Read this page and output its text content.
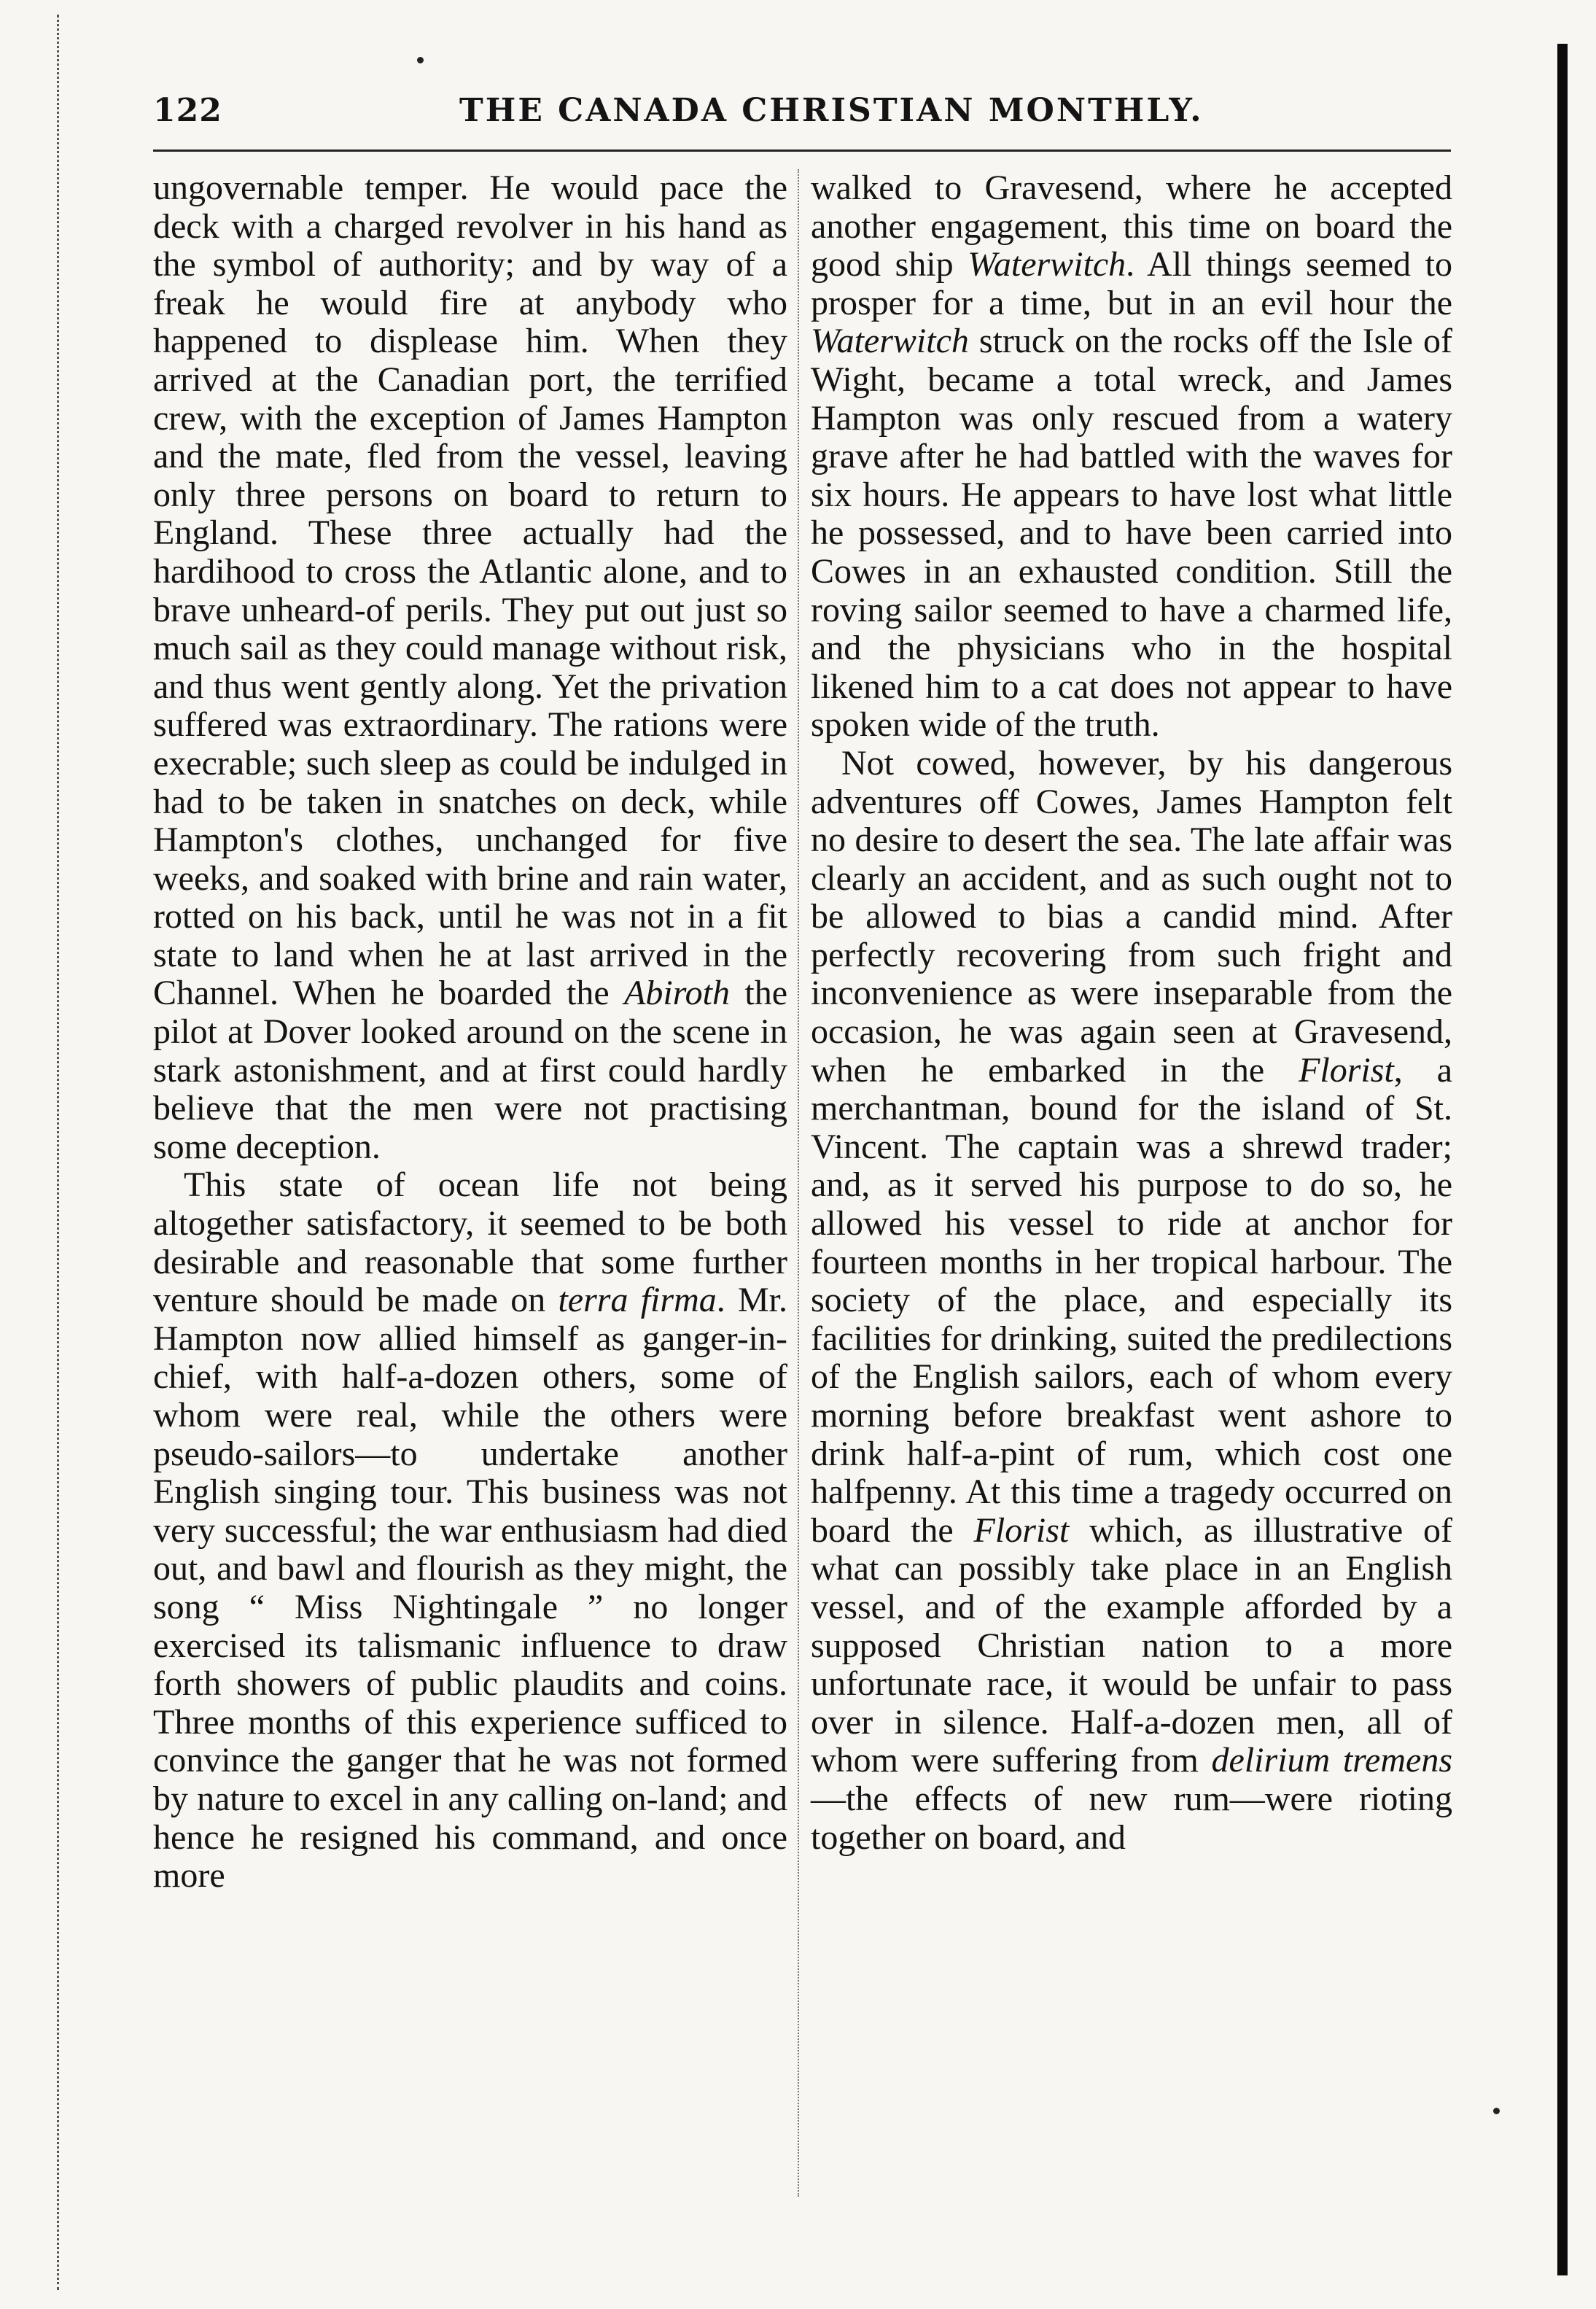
122	THE CANADA CHRISTIAN MONTHLY.

ungovernable temper. He would pace the deck with a charged revolver in his hand as the symbol of authority; and by way of a freak he would fire at anybody who happened to displease him. When they arrived at the Canadian port, the terrified crew, with the exception of James Hampton and the mate, fled from the vessel, leaving only three persons on board to return to England. These three actually had the hardihood to cross the Atlantic alone, and to brave unheard-of perils. They put out just so much sail as they could manage without risk, and thus went gently along. Yet the privation suffered was extraordinary. The rations were execrable; such sleep as could be indulged in had to be taken in snatches on deck, while Hampton's clothes, unchanged for five weeks, and soaked with brine and rain water, rotted on his back, until he was not in a fit state to land when he at last arrived in the Channel. When he boarded the Abiroth the pilot at Dover looked around on the scene in stark astonishment, and at first could hardly believe that the men were not practising some deception.

This state of ocean life not being altogether satisfactory, it seemed to be both desirable and reasonable that some further venture should be made on terra firma. Mr. Hampton now allied himself as ganger-in-chief, with half-a-dozen others, some of whom were real, while the others were pseudo-sailors—to undertake another English singing tour. This business was not very successful; the war enthusiasm had died out, and bawl and flourish as they might, the song “ Miss Nightingale ” no longer exercised its talismanic influence to draw forth showers of public plaudits and coins. Three months of this experience sufficed to convince the ganger that he was not formed by nature to excel in any calling on-land; and hence he resigned his command, and once more

walked to Gravesend, where he accepted another engagement, this time on board the good ship Waterwitch. All things seemed to prosper for a time, but in an evil hour the Waterwitch struck on the rocks off the Isle of Wight, became a total wreck, and James Hampton was only rescued from a watery grave after he had battled with the waves for six hours. He appears to have lost what little he possessed, and to have been carried into Cowes in an exhausted condition. Still the roving sailor seemed to have a charmed life, and the physicians who in the hospital likened him to a cat does not appear to have spoken wide of the truth.

Not cowed, however, by his dangerous adventures off Cowes, James Hampton felt no desire to desert the sea. The late affair was clearly an accident, and as such ought not to be allowed to bias a candid mind. After perfectly recovering from such fright and inconvenience as were inseparable from the occasion, he was again seen at Gravesend, when he embarked in the Florist, a merchantman, bound for the island of St. Vincent. The captain was a shrewd trader; and, as it served his purpose to do so, he allowed his vessel to ride at anchor for fourteen months in her tropical harbour. The society of the place, and especially its facilities for drinking, suited the predilections of the English sailors, each of whom every morning before breakfast went ashore to drink half-a-pint of rum, which cost one halfpenny. At this time a tragedy occurred on board the Florist which, as illustrative of what can possibly take place in an English vessel, and of the example afforded by a supposed Christian nation to a more unfortunate race, it would be unfair to pass over in silence. Half-a-dozen men, all of whom were suffering from delirium tremens—the effects of new rum—were rioting together on board, and
